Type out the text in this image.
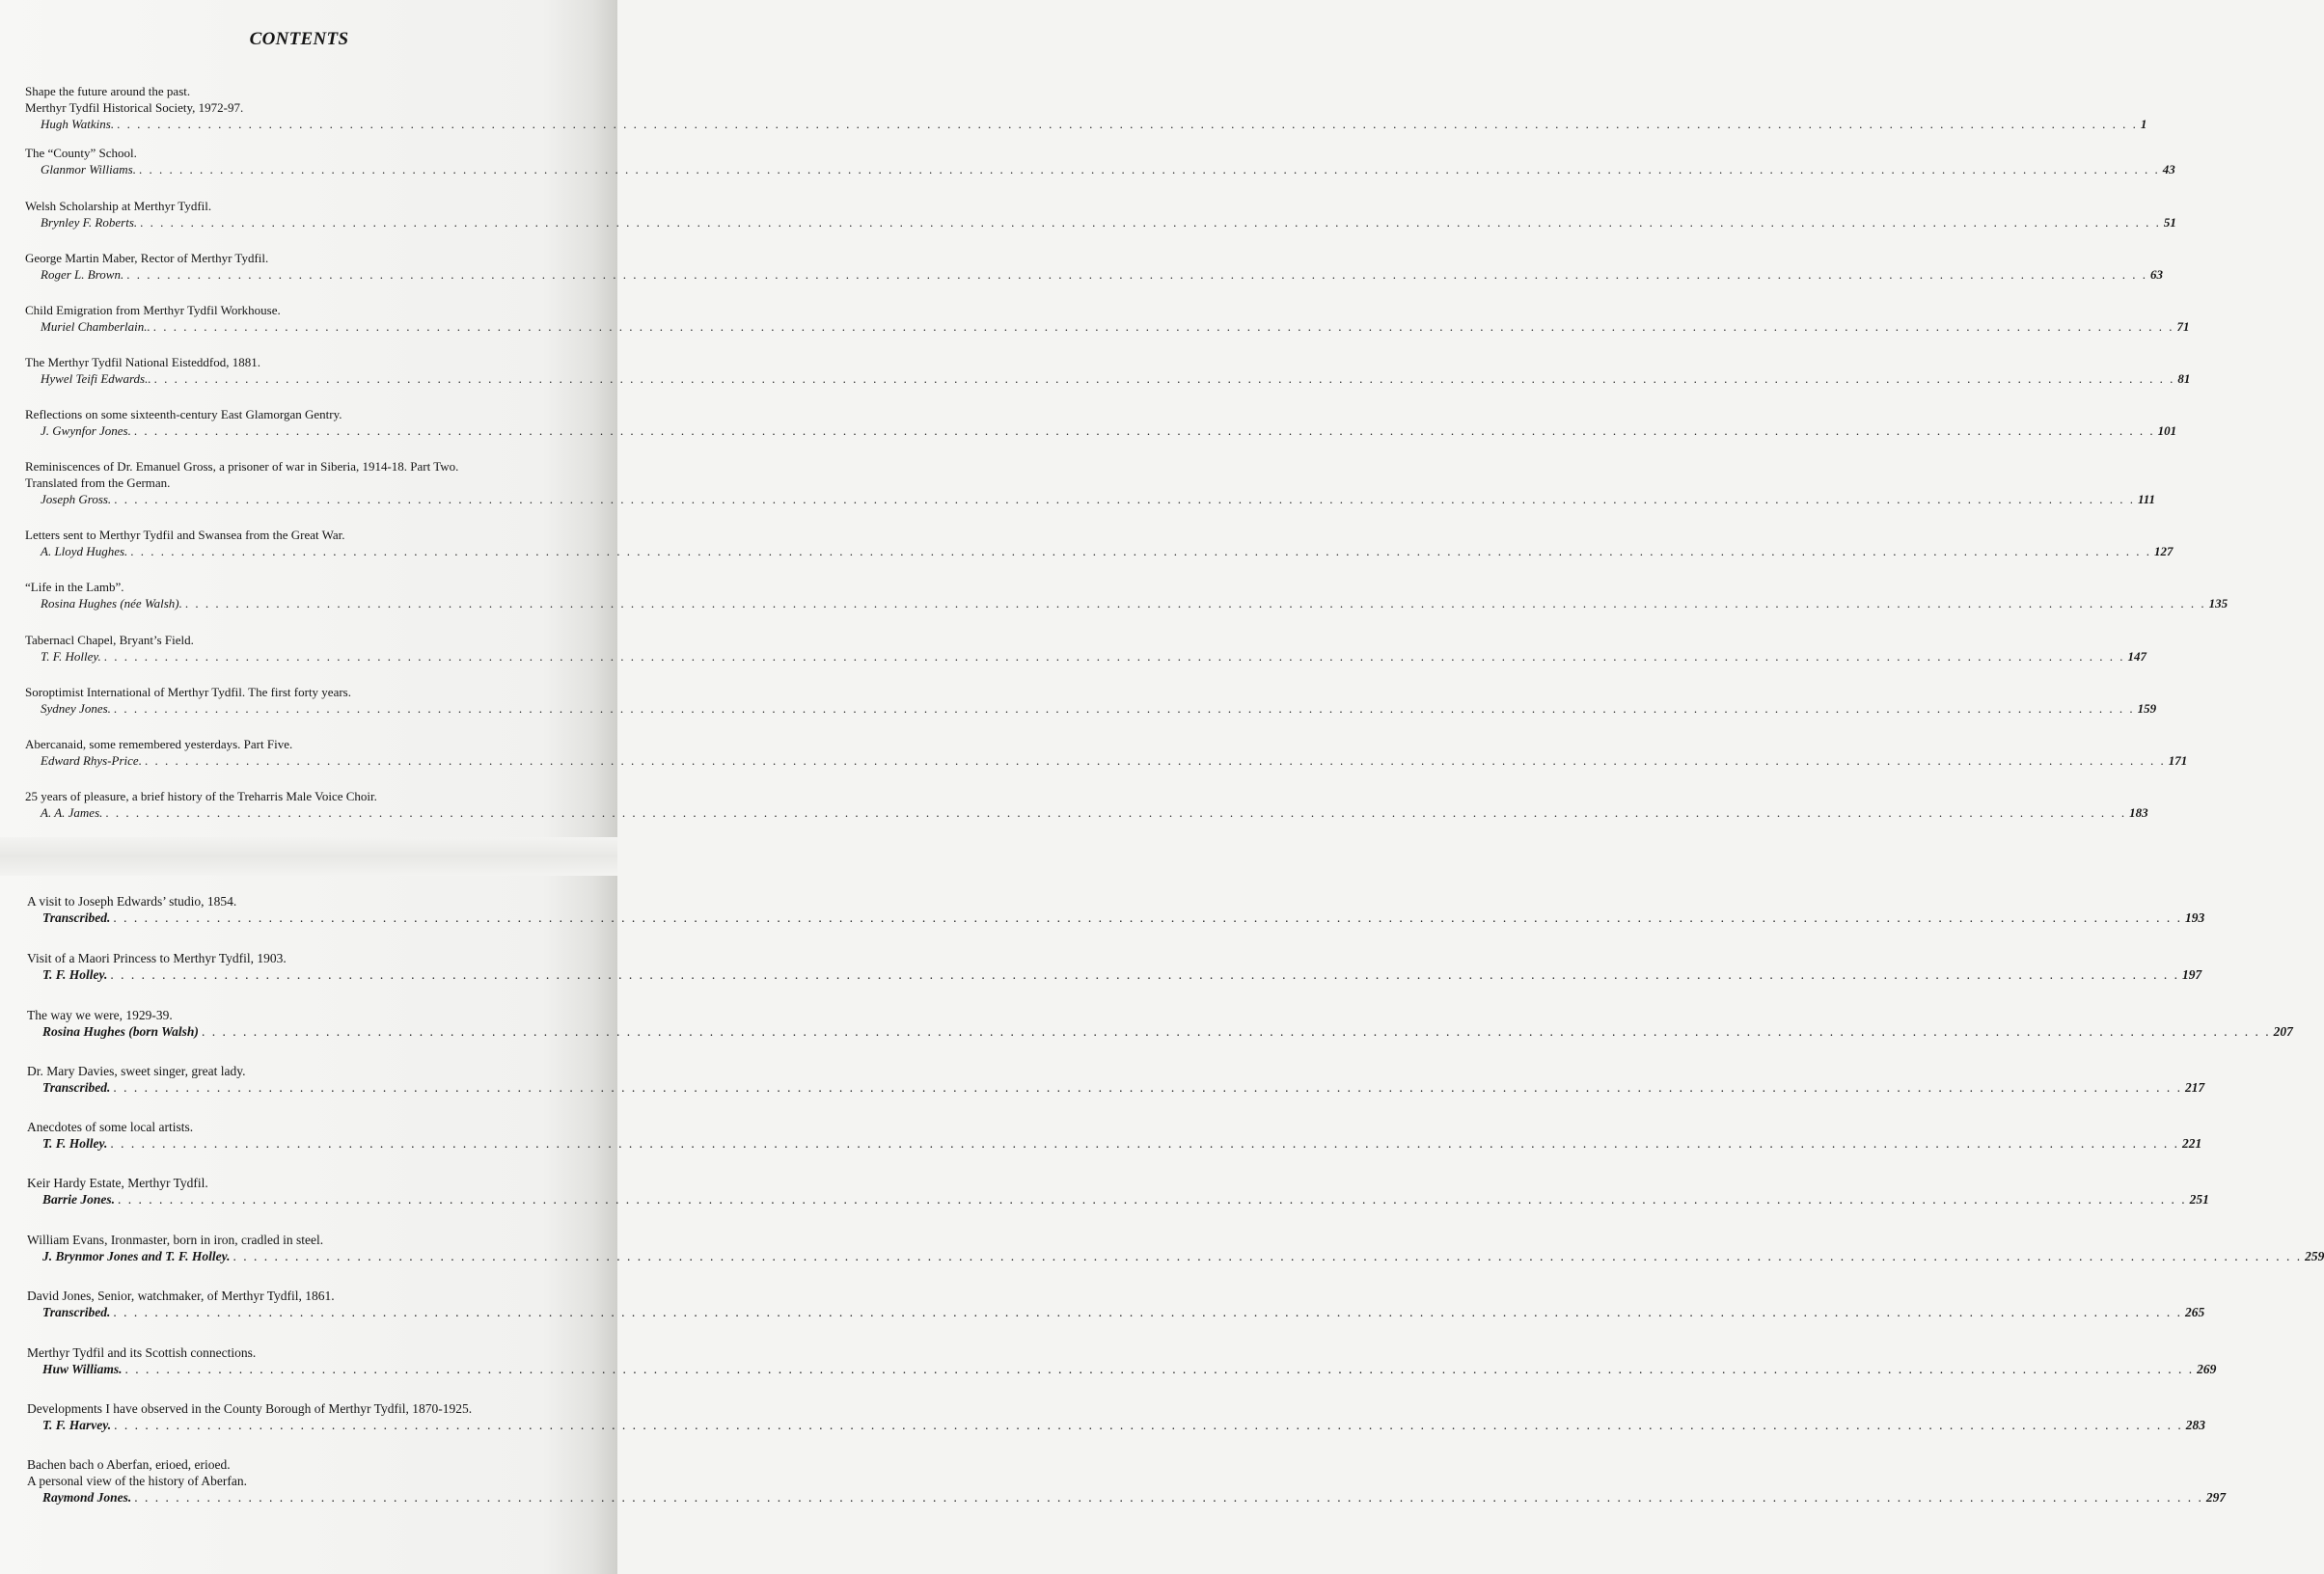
CONTENTS
Shape the future around the past.
Merthyr Tydfil Historical Society, 1972-97.
Hugh Watkins. . . . . . . . . . . . . . . . . . . . . . . . . . . . . . . . . . . . . . . . . . . . . . . . . . . . . . . . . . . . . . . . . . . . . . . . . . . . . . . . . . . . . . . . . . . . . . . . . . . . . . . . . . . . . . . . . . . . . . . . . . . . . . . . . . . . . . . . . . . . . . . . . . . . . . . . . . . . . . . . . . . . . . . . . . . . . . . . . . . . . . . . . . . . . . . . . . . . . . . . . 1
The “County” School.
Glanmor Williams. . . . . . . . . . . . . . . . . . . . . . . . . . . . . . . . . . . . . . . . . . . . . . . . . . . . . . . . . . . . . . . . . . . . . . . . . . . . . . . . . . . . . . . . . . . . . . . . . . . . . . . . . . . . . . . . . . . . . . . . . . . . . . . . . . . . . . . . . . . . . . . . . . . . . . . . . . . . . . . . . . . . . . . . . . . . . . . . . . . . . . . . . . . . . . . . . . . . . . . . . 43
Welsh Scholarship at Merthyr Tydfil.
Brynley F. Roberts. . . . . . . . . . . . . . . . . . . . . . . . . . . . . . . . . . . . . . . . . . . . . . . . . . . . . . . . . . . . . . . . . . . . . . . . . . . . . . . . . . . . . . . . . . . . . . . . . . . . . . . . . . . . . . . . . . . . . . . . . . . . . . . . . . . . . . . . . . . . . . . . . . . . . . . . . . . . . . . . . . . . . . . . . . . . . . . . . . . . . . . . . . . . . . . . . . . . . . . . . 51
George Martin Maber, Rector of Merthyr Tydfil.
Roger L. Brown. . . . . . . . . . . . . . . . . . . . . . . . . . . . . . . . . . . . . . . . . . . . . . . . . . . . . . . . . . . . . . . . . . . . . . . . . . . . . . . . . . . . . . . . . . . . . . . . . . . . . . . . . . . . . . . . . . . . . . . . . . . . . . . . . . . . . . . . . . . . . . . . . . . . . . . . . . . . . . . . . . . . . . . . . . . . . . . . . . . . . . . . . . . . . . . . . . . . . . . . . 63
Child Emigration from Merthyr Tydfil Workhouse.
Muriel Chamberlain.. . . . . . . . . . . . . . . . . . . . . . . . . . . . . . . . . . . . . . . . . . . . . . . . . . . . . . . . . . . . . . . . . . . . . . . . . . . . . . . . . . . . . . . . . . . . . . . . . . . . . . . . . . . . . . . . . . . . . . . . . . . . . . . . . . . . . . . . . . . . . . . . . . . . . . . . . . . . . . . . . . . . . . . . . . . . . . . . . . . . . . . . . . . . . . . . . . . . . . . . . 71
The Merthyr Tydfil National Eisteddfod, 1881.
Hywel Teifi Edwards.. . . . . . . . . . . . . . . . . . . . . . . . . . . . . . . . . . . . . . . . . . . . . . . . . . . . . . . . . . . . . . . . . . . . . . . . . . . . . . . . . . . . . . . . . . . . . . . . . . . . . . . . . . . . . . . . . . . . . . . . . . . . . . . . . . . . . . . . . . . . . . . . . . . . . . . . . . . . . . . . . . . . . . . . . . . . . . . . . . . . . . . . . . . . . . . . . . . . . . . . . 81
Reflections on some sixteenth-century East Glamorgan Gentry.
J. Gwynfor Jones. . . . . . . . . . . . . . . . . . . . . . . . . . . . . . . . . . . . . . . . . . . . . . . . . . . . . . . . . . . . . . . . . . . . . . . . . . . . . . . . . . . . . . . . . . . . . . . . . . . . . . . . . . . . . . . . . . . . . . . . . . . . . . . . . . . . . . . . . . . . . . . . . . . . . . . . . . . . . . . . . . . . . . . . . . . . . . . . . . . . . . . . . . . . . . . . . . . . . . . . . 101
Reminiscences of Dr. Emanuel Gross, a prisoner of war in Siberia, 1914-18. Part Two.
Translated from the German.
Joseph Gross. . . . . . . . . . . . . . . . . . . . . . . . . . . . . . . . . . . . . . . . . . . . . . . . . . . . . . . . . . . . . . . . . . . . . . . . . . . . . . . . . . . . . . . . . . . . . . . . . . . . . . . . . . . . . . . . . . . . . . . . . . . . . . . . . . . . . . . . . . . . . . . . . . . . . . . . . . . . . . . . . . . . . . . . . . . . . . . . . . . . . . . . . . . . . . . . . . . . . . . . . 111
Letters sent to Merthyr Tydfil and Swansea from the Great War.
A. Lloyd Hughes. . . . . . . . . . . . . . . . . . . . . . . . . . . . . . . . . . . . . . . . . . . . . . . . . . . . . . . . . . . . . . . . . . . . . . . . . . . . . . . . . . . . . . . . . . . . . . . . . . . . . . . . . . . . . . . . . . . . . . . . . . . . . . . . . . . . . . . . . . . . . . . . . . . . . . . . . . . . . . . . . . . . . . . . . . . . . . . . . . . . . . . . . . . . . . . . . . . . . . . . . 127
“Life in the Lamb”.
Rosina Hughes (née Walsh). . . . . . . . . . . . . . . . . . . . . . . . . . . . . . . . . . . . . . . . . . . . . . . . . . . . . . . . . . . . . . . . . . . . . . . . . . . . . . . . . . . . . . . . . . . . . . . . . . . . . . . . . . . . . . . . . . . . . . . . . . . . . . . . . . . . . . . . . . . . . . . . . . . . . . . . . . . . . . . . . . . . . . . . . . . . . . . . . . . . . . . . . . . . . . . . . . . . . . . . . 135
Tabernacl Chapel, Bryant’s Field.
T. F. Holley. . . . . . . . . . . . . . . . . . . . . . . . . . . . . . . . . . . . . . . . . . . . . . . . . . . . . . . . . . . . . . . . . . . . . . . . . . . . . . . . . . . . . . . . . . . . . . . . . . . . . . . . . . . . . . . . . . . . . . . . . . . . . . . . . . . . . . . . . . . . . . . . . . . . . . . . . . . . . . . . . . . . . . . . . . . . . . . . . . . . . . . . . . . . . . . . . . . . . . . . . 147
Soroptimist International of Merthyr Tydfil. The first forty years.
Sydney Jones. . . . . . . . . . . . . . . . . . . . . . . . . . . . . . . . . . . . . . . . . . . . . . . . . . . . . . . . . . . . . . . . . . . . . . . . . . . . . . . . . . . . . . . . . . . . . . . . . . . . . . . . . . . . . . . . . . . . . . . . . . . . . . . . . . . . . . . . . . . . . . . . . . . . . . . . . . . . . . . . . . . . . . . . . . . . . . . . . . . . . . . . . . . . . . . . . . . . . . . . . 159
Abercanaid, some remembered yesterdays. Part Five.
Edward Rhys-Price. . . . . . . . . . . . . . . . . . . . . . . . . . . . . . . . . . . . . . . . . . . . . . . . . . . . . . . . . . . . . . . . . . . . . . . . . . . . . . . . . . . . . . . . . . . . . . . . . . . . . . . . . . . . . . . . . . . . . . . . . . . . . . . . . . . . . . . . . . . . . . . . . . . . . . . . . . . . . . . . . . . . . . . . . . . . . . . . . . . . . . . . . . . . . . . . . . . . . . . . . 171
25 years of pleasure, a brief history of the Treharris Male Voice Choir.
A. A. James. . . . . . . . . . . . . . . . . . . . . . . . . . . . . . . . . . . . . . . . . . . . . . . . . . . . . . . . . . . . . . . . . . . . . . . . . . . . . . . . . . . . . . . . . . . . . . . . . . . . . . . . . . . . . . . . . . . . . . . . . . . . . . . . . . . . . . . . . . . . . . . . . . . . . . . . . . . . . . . . . . . . . . . . . . . . . . . . . . . . . . . . . . . . . . . . . . . . . . . . . 183
A visit to Joseph Edwards’ studio, 1854.
Transcribed. . . . . . . . . . . . . . . . . . . . . . . . . . . . . . . . . . . . . . . . . . . . . . . . . . . . . . . . . . . . . . . . . . . . . . . . . . . . . . . . . . . . . . . . . . . . . . . . . . . . . . . . . . . . . . . . . . . . . . . . . . . . . . . . . . . . . . . . . . . . . . . . . . . . . . . . . . . . . . . . . . . . . . . . . . . . . . . . . . . . . . . . . . . . . . . . . . . . . . . . . 193
Visit of a Maori Princess to Merthyr Tydfil, 1903.
T. F. Holley. . . . . . . . . . . . . . . . . . . . . . . . . . . . . . . . . . . . . . . . . . . . . . . . . . . . . . . . . . . . . . . . . . . . . . . . . . . . . . . . . . . . . . . . . . . . . . . . . . . . . . . . . . . . . . . . . . . . . . . . . . . . . . . . . . . . . . . . . . . . . . . . . . . . . . . . . . . . . . . . . . . . . . . . . . . . . . . . . . . . . . . . . . . . . . . . . . . . . . . . . 197
The way we were, 1929-39.
Rosina Hughes (born Walsh) . . . . . . . . . . . . . . . . . . . . . . . . . . . . . . . . . . . . . . . . . . . . . . . . . . . . . . . . . . . . . . . . . . . . . . . . . . . . . . . . . . . . . . . . . . . . . . . . . . . . . . . . . . . . . . . . . . . . . . . . . . . . . . . . . . . . . . . . . . . . . . . . . . . . . . . . . . . . . . . . . . . . . . . . . . . . . . . . . . . . . . . . . . . . . . . . . . . . . . . . 207
Dr. Mary Davies, sweet singer, great lady.
Transcribed. . . . . . . . . . . . . . . . . . . . . . . . . . . . . . . . . . . . . . . . . . . . . . . . . . . . . . . . . . . . . . . . . . . . . . . . . . . . . . . . . . . . . . . . . . . . . . . . . . . . . . . . . . . . . . . . . . . . . . . . . . . . . . . . . . . . . . . . . . . . . . . . . . . . . . . . . . . . . . . . . . . . . . . . . . . . . . . . . . . . . . . . . . . . . . . . . . . . . . . . . 217
Anecdotes of some local artists.
T. F. Holley. . . . . . . . . . . . . . . . . . . . . . . . . . . . . . . . . . . . . . . . . . . . . . . . . . . . . . . . . . . . . . . . . . . . . . . . . . . . . . . . . . . . . . . . . . . . . . . . . . . . . . . . . . . . . . . . . . . . . . . . . . . . . . . . . . . . . . . . . . . . . . . . . . . . . . . . . . . . . . . . . . . . . . . . . . . . . . . . . . . . . . . . . . . . . . . . . . . . . . . . . 221
Keir Hardy Estate, Merthyr Tydfil.
Barrie Jones. . . . . . . . . . . . . . . . . . . . . . . . . . . . . . . . . . . . . . . . . . . . . . . . . . . . . . . . . . . . . . . . . . . . . . . . . . . . . . . . . . . . . . . . . . . . . . . . . . . . . . . . . . . . . . . . . . . . . . . . . . . . . . . . . . . . . . . . . . . . . . . . . . . . . . . . . . . . . . . . . . . . . . . . . . . . . . . . . . . . . . . . . . . . . . . . . . . . . . . . . 251
William Evans, Ironmaster, born in iron, cradled in steel.
J. Brynmor Jones and T. F. Holley. . . . . . . . . . . . . . . . . . . . . . . . . . . . . . . . . . . . . . . . . . . . . . . . . . . . . . . . . . . . . . . . . . . . . . . . . . . . . . . . . . . . . . . . . . . . . . . . . . . . . . . . . . . . . . . . . . . . . . . . . . . . . . . . . . . . . . . . . . . . . . . . . . . . . . . . . . . . . . . . . . . . . . . . . . . . . . . . . . . . . . . . . . . . . . . . . . . . . . . . . 259
David Jones, Senior, watchmaker, of Merthyr Tydfil, 1861.
Transcribed. . . . . . . . . . . . . . . . . . . . . . . . . . . . . . . . . . . . . . . . . . . . . . . . . . . . . . . . . . . . . . . . . . . . . . . . . . . . . . . . . . . . . . . . . . . . . . . . . . . . . . . . . . . . . . . . . . . . . . . . . . . . . . . . . . . . . . . . . . . . . . . . . . . . . . . . . . . . . . . . . . . . . . . . . . . . . . . . . . . . . . . . . . . . . . . . . . . . . . . . . 265
Merthyr Tydfil and its Scottish connections.
Huw Williams. . . . . . . . . . . . . . . . . . . . . . . . . . . . . . . . . . . . . . . . . . . . . . . . . . . . . . . . . . . . . . . . . . . . . . . . . . . . . . . . . . . . . . . . . . . . . . . . . . . . . . . . . . . . . . . . . . . . . . . . . . . . . . . . . . . . . . . . . . . . . . . . . . . . . . . . . . . . . . . . . . . . . . . . . . . . . . . . . . . . . . . . . . . . . . . . . . . . . . . . . 269
Developments I have observed in the County Borough of Merthyr Tydfil, 1870-1925.
T. F. Harvey. . . . . . . . . . . . . . . . . . . . . . . . . . . . . . . . . . . . . . . . . . . . . . . . . . . . . . . . . . . . . . . . . . . . . . . . . . . . . . . . . . . . . . . . . . . . . . . . . . . . . . . . . . . . . . . . . . . . . . . . . . . . . . . . . . . . . . . . . . . . . . . . . . . . . . . . . . . . . . . . . . . . . . . . . . . . . . . . . . . . . . . . . . . . . . . . . . . . . . . . . 283
Bachen bach o Aberfan, erioed, erioed.
A personal view of the history of Aberfan.
Raymond Jones. . . . . . . . . . . . . . . . . . . . . . . . . . . . . . . . . . . . . . . . . . . . . . . . . . . . . . . . . . . . . . . . . . . . . . . . . . . . . . . . . . . . . . . . . . . . . . . . . . . . . . . . . . . . . . . . . . . . . . . . . . . . . . . . . . . . . . . . . . . . . . . . . . . . . . . . . . . . . . . . . . . . . . . . . . . . . . . . . . . . . . . . . . . . . . . . . . . . . . . . . 297
